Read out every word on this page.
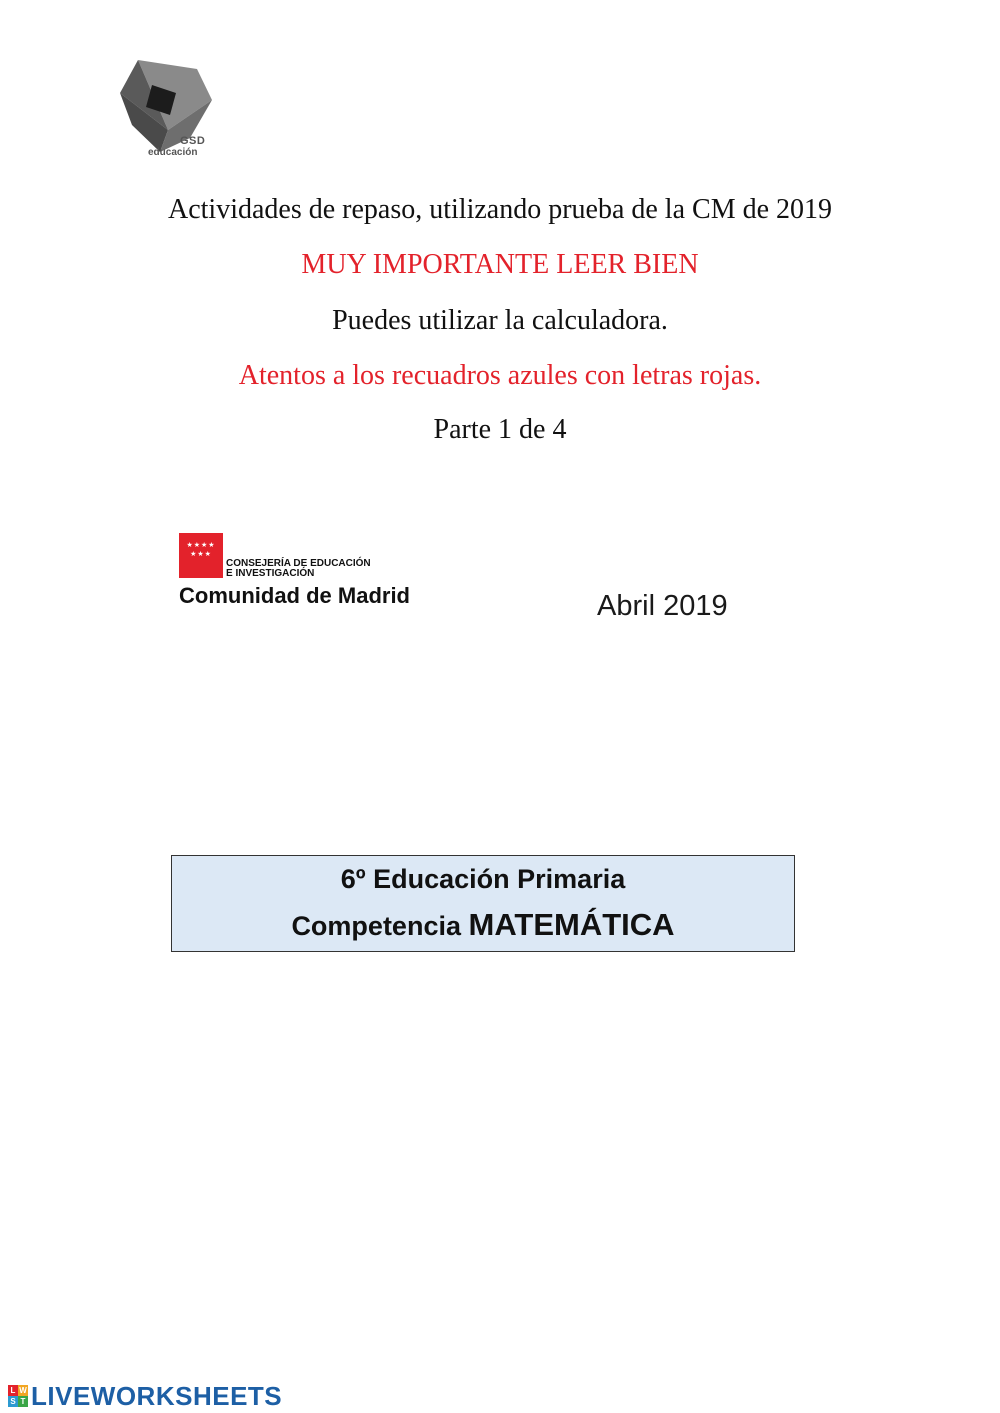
GSD
educación
Actividades de repaso, utilizando prueba de la CM de 2019
MUY IMPORTANTE LEER BIEN
Puedes utilizar la calculadora.
Atentos a los recuadros azules con letras rojas.
Parte 1 de 4
★★★★
★★★
CONSEJERÍA DE EDUCACIÓN
E INVESTIGACIÓN
Comunidad de Madrid	Abril 2019
6º Educación Primaria
Competencia MATEMÁTICA
L W
S T LIVEWORKSHEETS
